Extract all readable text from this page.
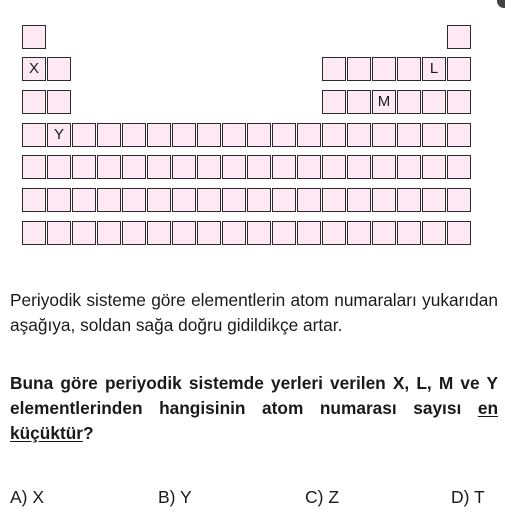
X	L
M
Y
Periyodik sisteme göre elementlerin atom numaraları yukarıdan aşağıya, soldan sağa doğru gidildikçe artar.
Buna göre periyodik sistemde yerleri verilen X, L, M ve Y elementlerinden hangisinin atom numarası sayısı en küçüktür?
A) X	B) Y	C) Z	D) T
